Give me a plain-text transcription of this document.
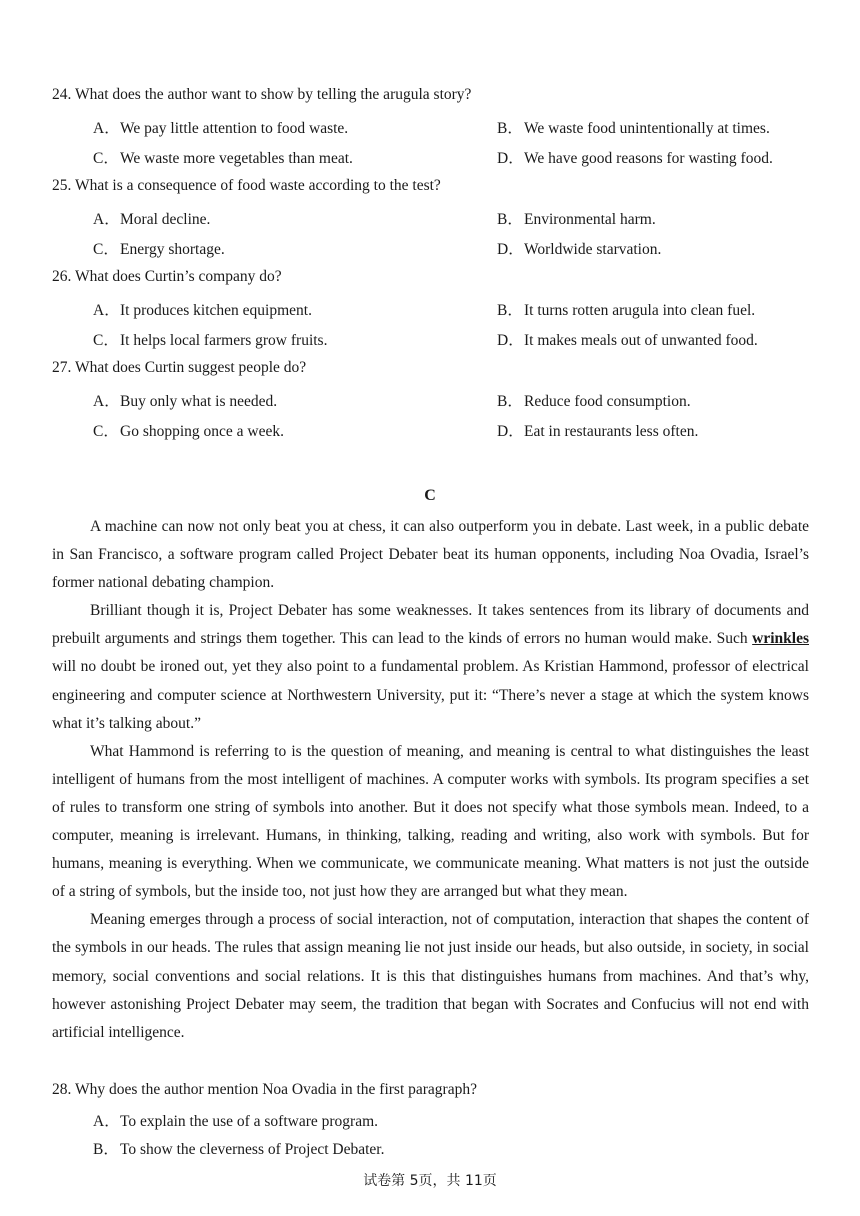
24. What does the author want to show by telling the arugula story?
A．We pay little attention to food waste.	B．We waste food unintentionally at times.
C．We waste more vegetables than meat.	D．We have good reasons for wasting food.
25. What is a consequence of food waste according to the test?
A．Moral decline.	B．Environmental harm.
C．Energy shortage.	D．Worldwide starvation.
26. What does Curtin’s company do?
A．It produces kitchen equipment.	B．It turns rotten arugula into clean fuel.
C．It helps local farmers grow fruits.	D．It makes meals out of unwanted food.
27. What does Curtin suggest people do?
A．Buy only what is needed.	B．Reduce food consumption.
C．Go shopping once a week.	D．Eat in restaurants less often.
C

A machine can now not only beat you at chess, it can also outperform you in debate. Last week, in a public debate in San Francisco, a software program called Project Debater beat its human opponents, including Noa Ovadia, Israel’s former national debating champion.

Brilliant though it is, Project Debater has some weaknesses. It takes sentences from its library of documents and prebuilt arguments and strings them together. This can lead to the kinds of errors no human would make. Such wrinkles will no doubt be ironed out, yet they also point to a fundamental problem. As Kristian Hammond, professor of electrical engineering and computer science at Northwestern University, put it: “There’s never a stage at which the system knows what it’s talking about.”

What Hammond is referring to is the question of meaning, and meaning is central to what distinguishes the least intelligent of humans from the most intelligent of machines. A computer works with symbols. Its program specifies a set of rules to transform one string of symbols into another. But it does not specify what those symbols mean. Indeed, to a computer, meaning is irrelevant. Humans, in thinking, talking, reading and writing, also work with symbols. But for humans, meaning is everything. When we communicate, we communicate meaning. What matters is not just the outside of a string of symbols, but the inside too, not just how they are arranged but what they mean.

Meaning emerges through a process of social interaction, not of computation, interaction that shapes the content of the symbols in our heads. The rules that assign meaning lie not just inside our heads, but also outside, in society, in social memory, social conventions and social relations. It is this that distinguishes humans from machines. And that’s why, however astonishing Project Debater may seem, the tradition that began with Socrates and Confucius will not end with artificial intelligence.

28. Why does the author mention Noa Ovadia in the first paragraph?
A．To explain the use of a software program.
B．To show the cleverness of Project Debater.
试卷第 5页，共 11页
